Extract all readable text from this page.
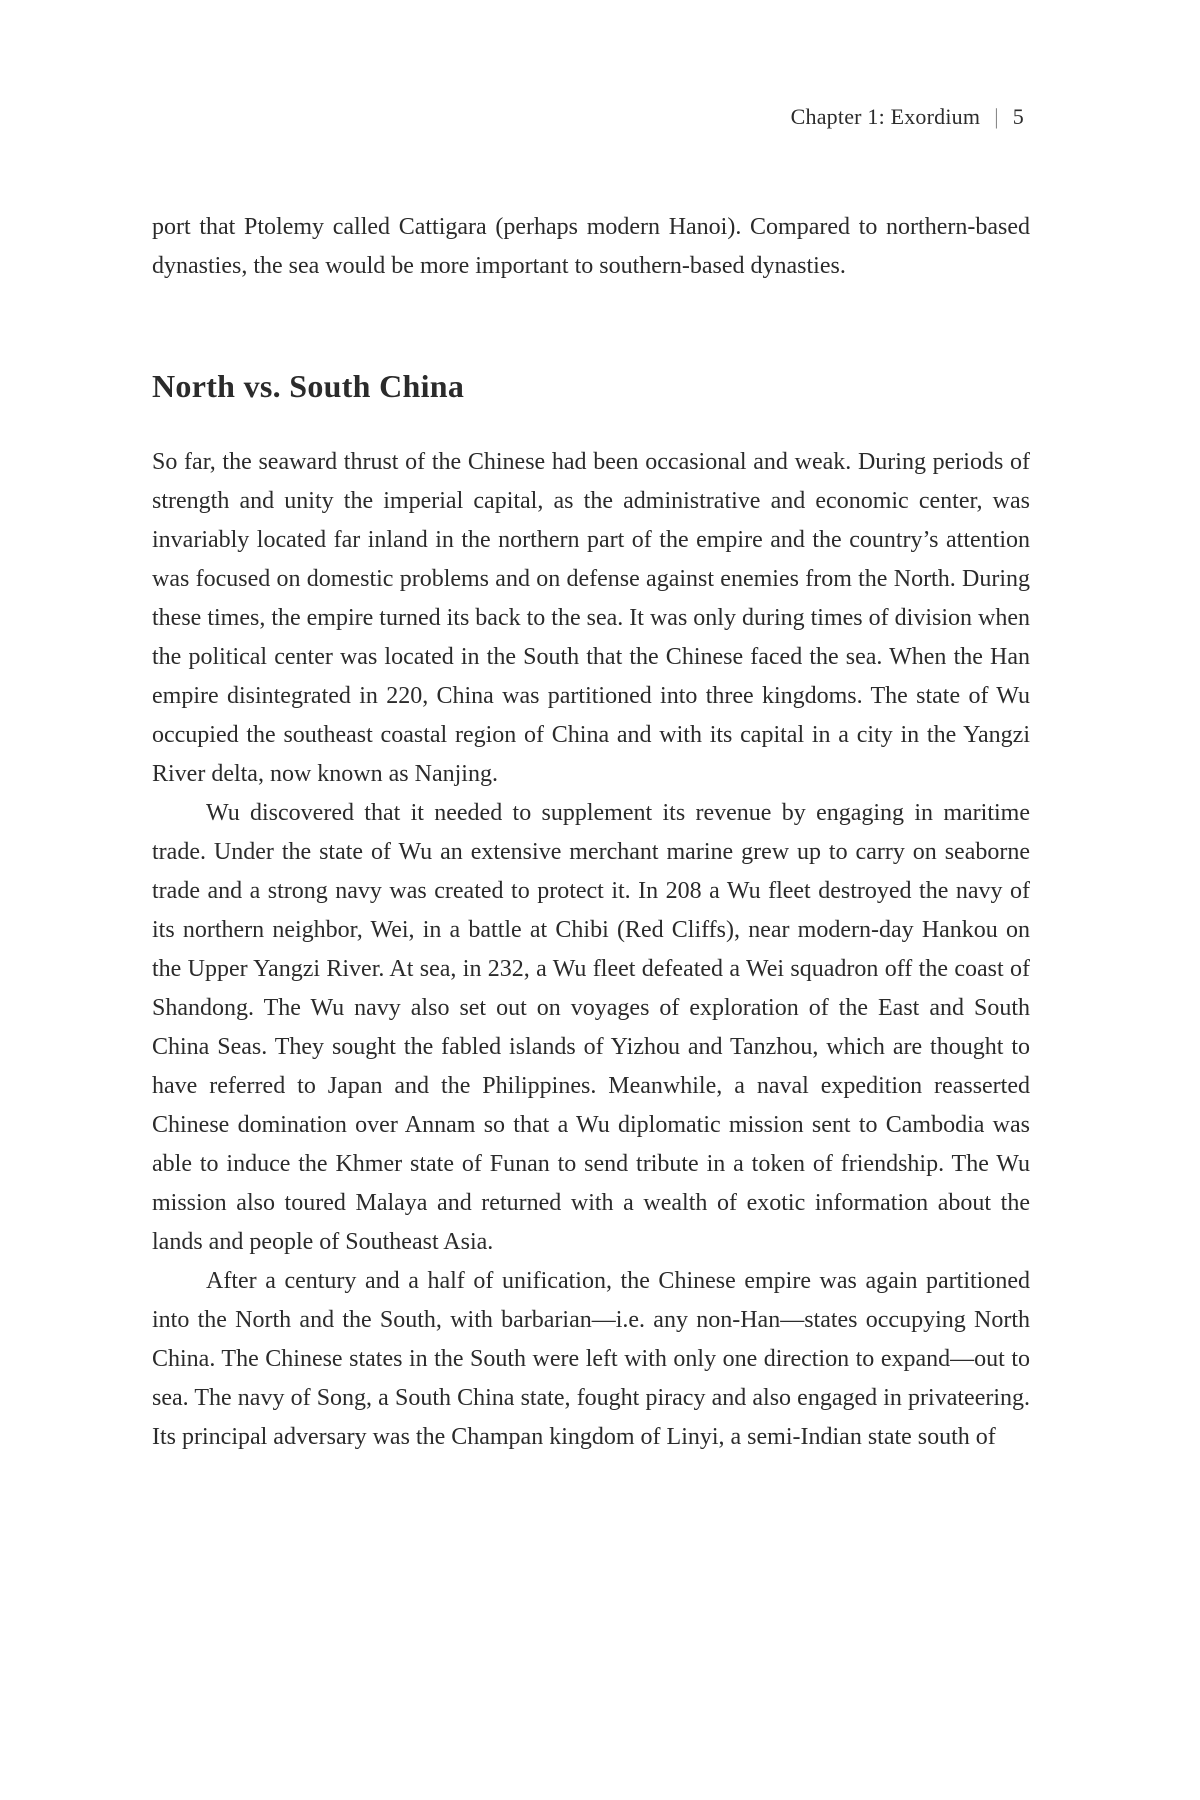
Chapter 1: Exordium | 5

port that Ptolemy called Cattigara (perhaps modern Hanoi). Compared to northern-based dynasties, the sea would be more important to southern-based dynasties.

North vs. South China

So far, the seaward thrust of the Chinese had been occasional and weak. During periods of strength and unity the imperial capital, as the administrative and economic center, was invariably located far inland in the northern part of the empire and the country’s attention was focused on domestic problems and on defense against enemies from the North. During these times, the empire turned its back to the sea. It was only during times of division when the political center was located in the South that the Chinese faced the sea. When the Han empire disintegrated in 220, China was partitioned into three kingdoms. The state of Wu occupied the southeast coastal region of China and with its capital in a city in the Yangzi River delta, now known as Nanjing.

Wu discovered that it needed to supplement its revenue by engaging in maritime trade. Under the state of Wu an extensive merchant marine grew up to carry on seaborne trade and a strong navy was created to protect it. In 208 a Wu fleet destroyed the navy of its northern neighbor, Wei, in a battle at Chibi (Red Cliffs), near modern-day Hankou on the Upper Yangzi River. At sea, in 232, a Wu fleet defeated a Wei squadron off the coast of Shandong. The Wu navy also set out on voyages of exploration of the East and South China Seas. They sought the fabled islands of Yizhou and Tanzhou, which are thought to have referred to Japan and the Philippines. Meanwhile, a naval expedition reasserted Chinese domination over Annam so that a Wu diplomatic mission sent to Cambodia was able to induce the Khmer state of Funan to send tribute in a token of friendship. The Wu mission also toured Malaya and returned with a wealth of exotic information about the lands and people of Southeast Asia.

After a century and a half of unification, the Chinese empire was again partitioned into the North and the South, with barbarian—i.e. any non-Han—states occupying North China. The Chinese states in the South were left with only one direction to expand—out to sea. The navy of Song, a South China state, fought piracy and also engaged in privateering. Its principal adversary was the Champan kingdom of Linyi, a semi-Indian state south of
